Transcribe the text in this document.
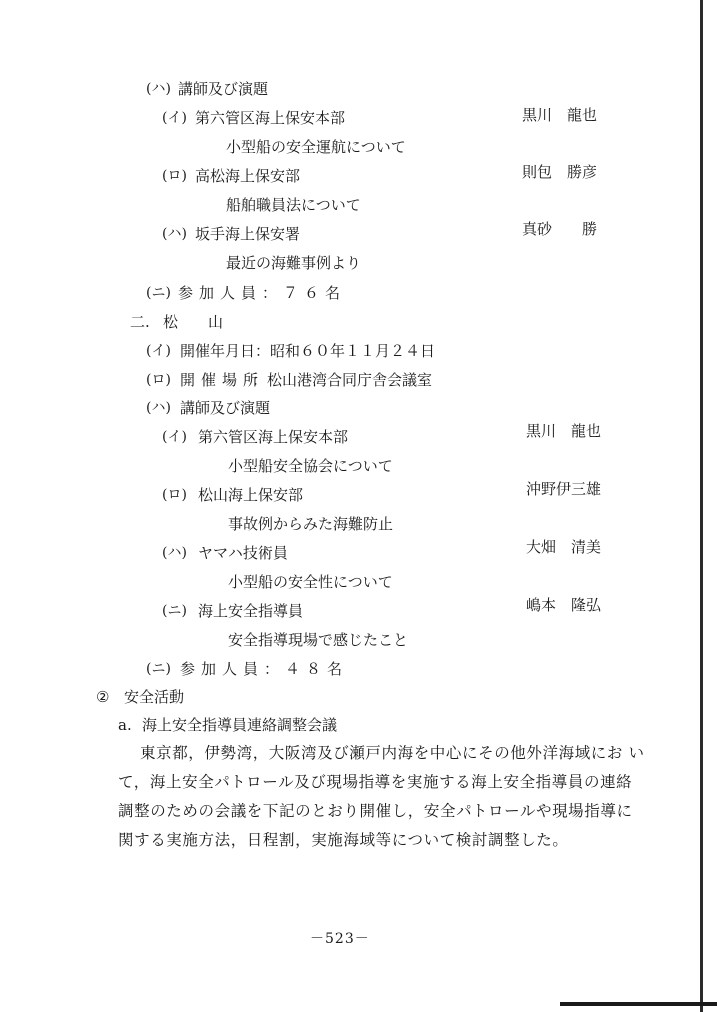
(ハ) 講師及び演題
(イ) 第六管区海上保安本部	黒川　龍也
小型船の安全運航について
(ロ) 高松海上保安部	則包　勝彦
船舶職員法について
(ハ) 坂手海上保安署	真砂　　勝
最近の海難事例より
(ニ) 参加人員：７６名
二. 松　　山
(イ) 開催年月日：昭和６０年１１月２４日
(ロ) 開催場所
：松山港湾合同庁舎会議室
(ハ) 講師及び演題
(イ) 第六管区海上保安本部	黒川　龍也
小型船安全協会について
(ロ) 松山海上保安部	沖野伊三雄
事故例からみた海難防止
(ハ) ヤマハ技術員	大畑　清美
小型船の安全性について
(ニ) 海上安全指導員	嶋本　隆弘
安全指導現場で感じたこと
(ニ) 参加人員：４８名
② 安全活動
a. 海上安全指導員連絡調整会議
東京都，伊勢湾，大阪湾及び瀬戸内海を中心にその他外洋海域にお い
て，海上安全パトロール及び現場指導を実施する海上安全指導員の連絡
調整のための会議を下記のとおり開催し，安全パトロールや現場指導に
関する実施方法，日程割，実施海域等について検討調整した。
－523－
